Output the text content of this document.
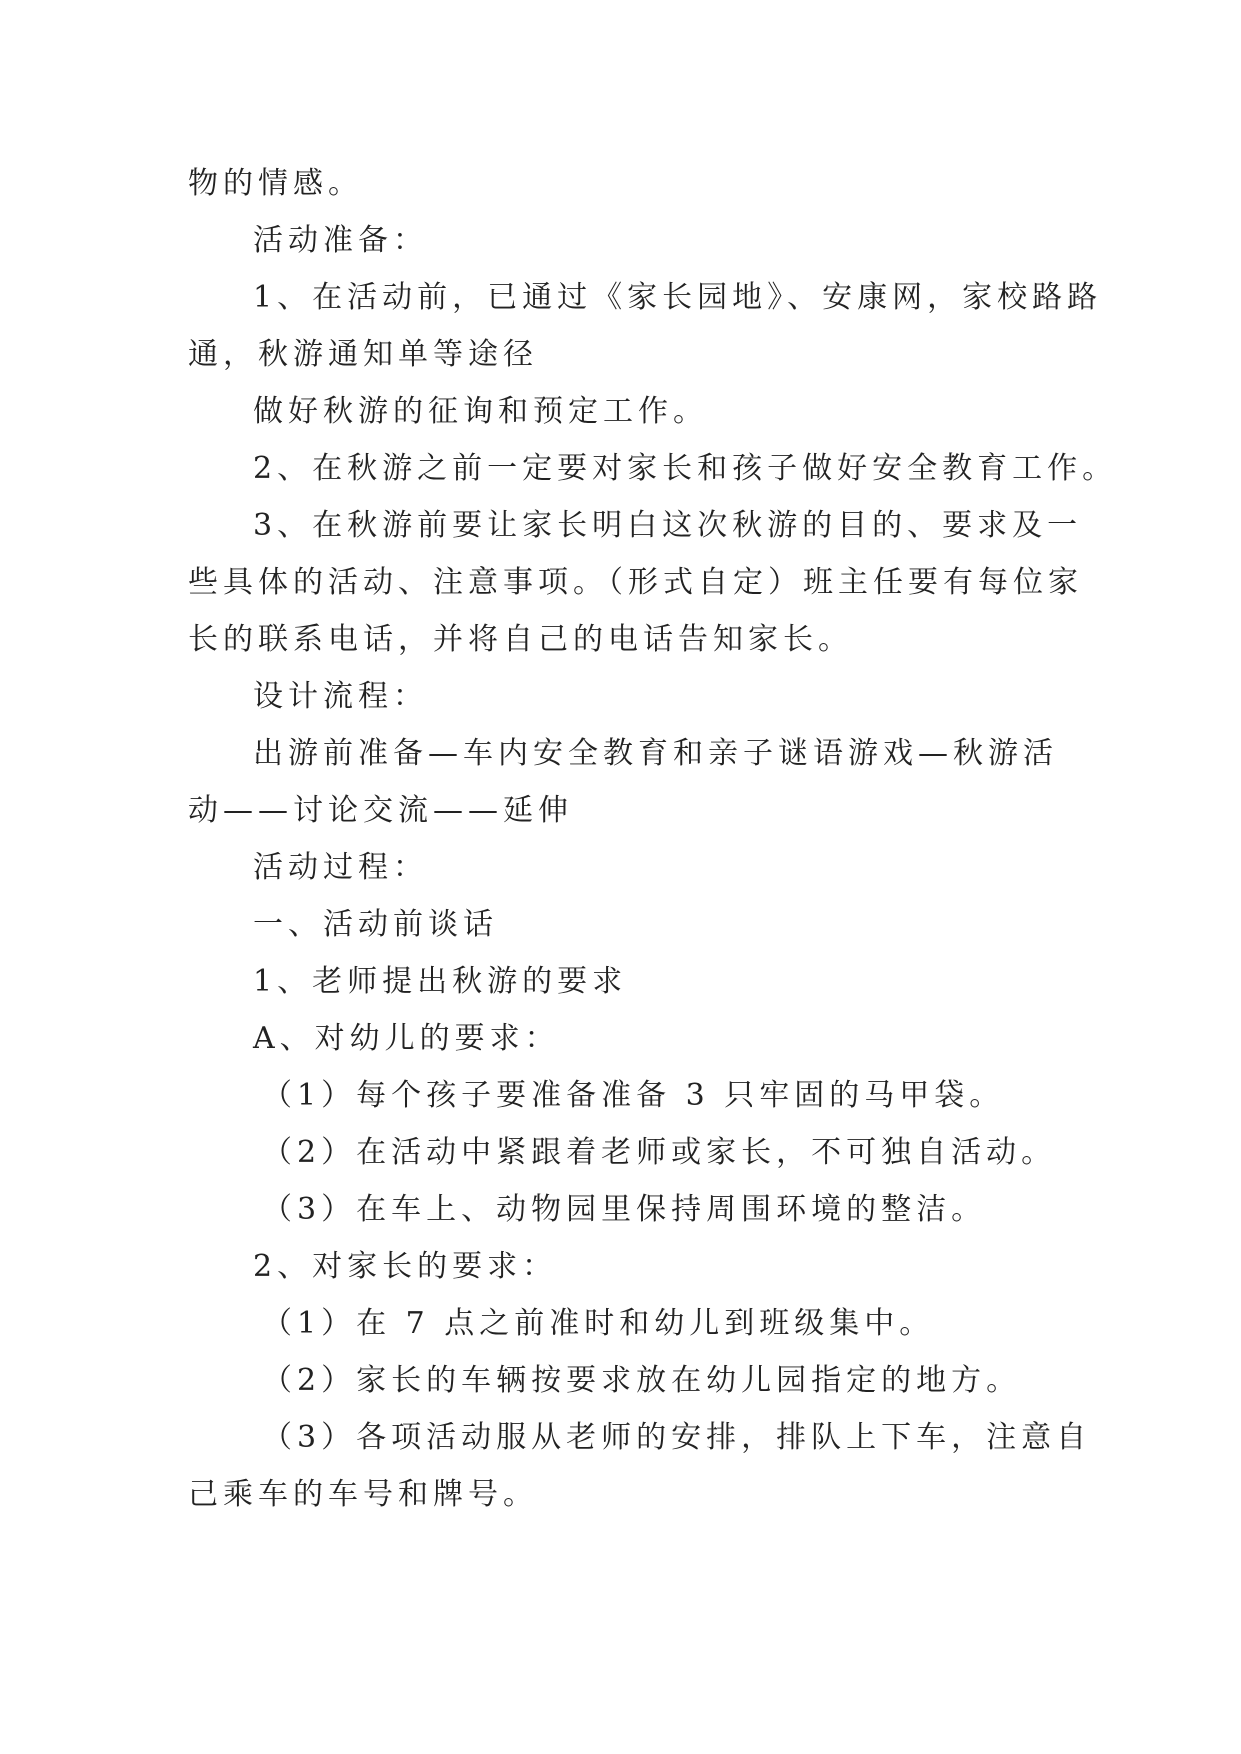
物的情感。
活动准备：
1、在活动前，已通过《家长园地》、安康网，家校路路
通，秋游通知单等途径
做好秋游的征询和预定工作。
2、在秋游之前一定要对家长和孩子做好安全教育工作。
3、在秋游前要让家长明白这次秋游的目的、要求及一
些具体的活动、注意事项。（形式自定）班主任要有每位家
长的联系电话，并将自己的电话告知家长。
设计流程：
出游前准备—车内安全教育和亲子谜语游戏—秋游活
动——讨论交流——延伸
活动过程：
一、活动前谈话
1、老师提出秋游的要求
A、对幼儿的要求：
（1）每个孩子要准备准备 3 只牢固的马甲袋。
（2）在活动中紧跟着老师或家长，不可独自活动。
（3）在车上、动物园里保持周围环境的整洁。
2、对家长的要求：
（1）在 7 点之前准时和幼儿到班级集中。
（2）家长的车辆按要求放在幼儿园指定的地方。
（3）各项活动服从老师的安排，排队上下车，注意自
己乘车的车号和牌号。
